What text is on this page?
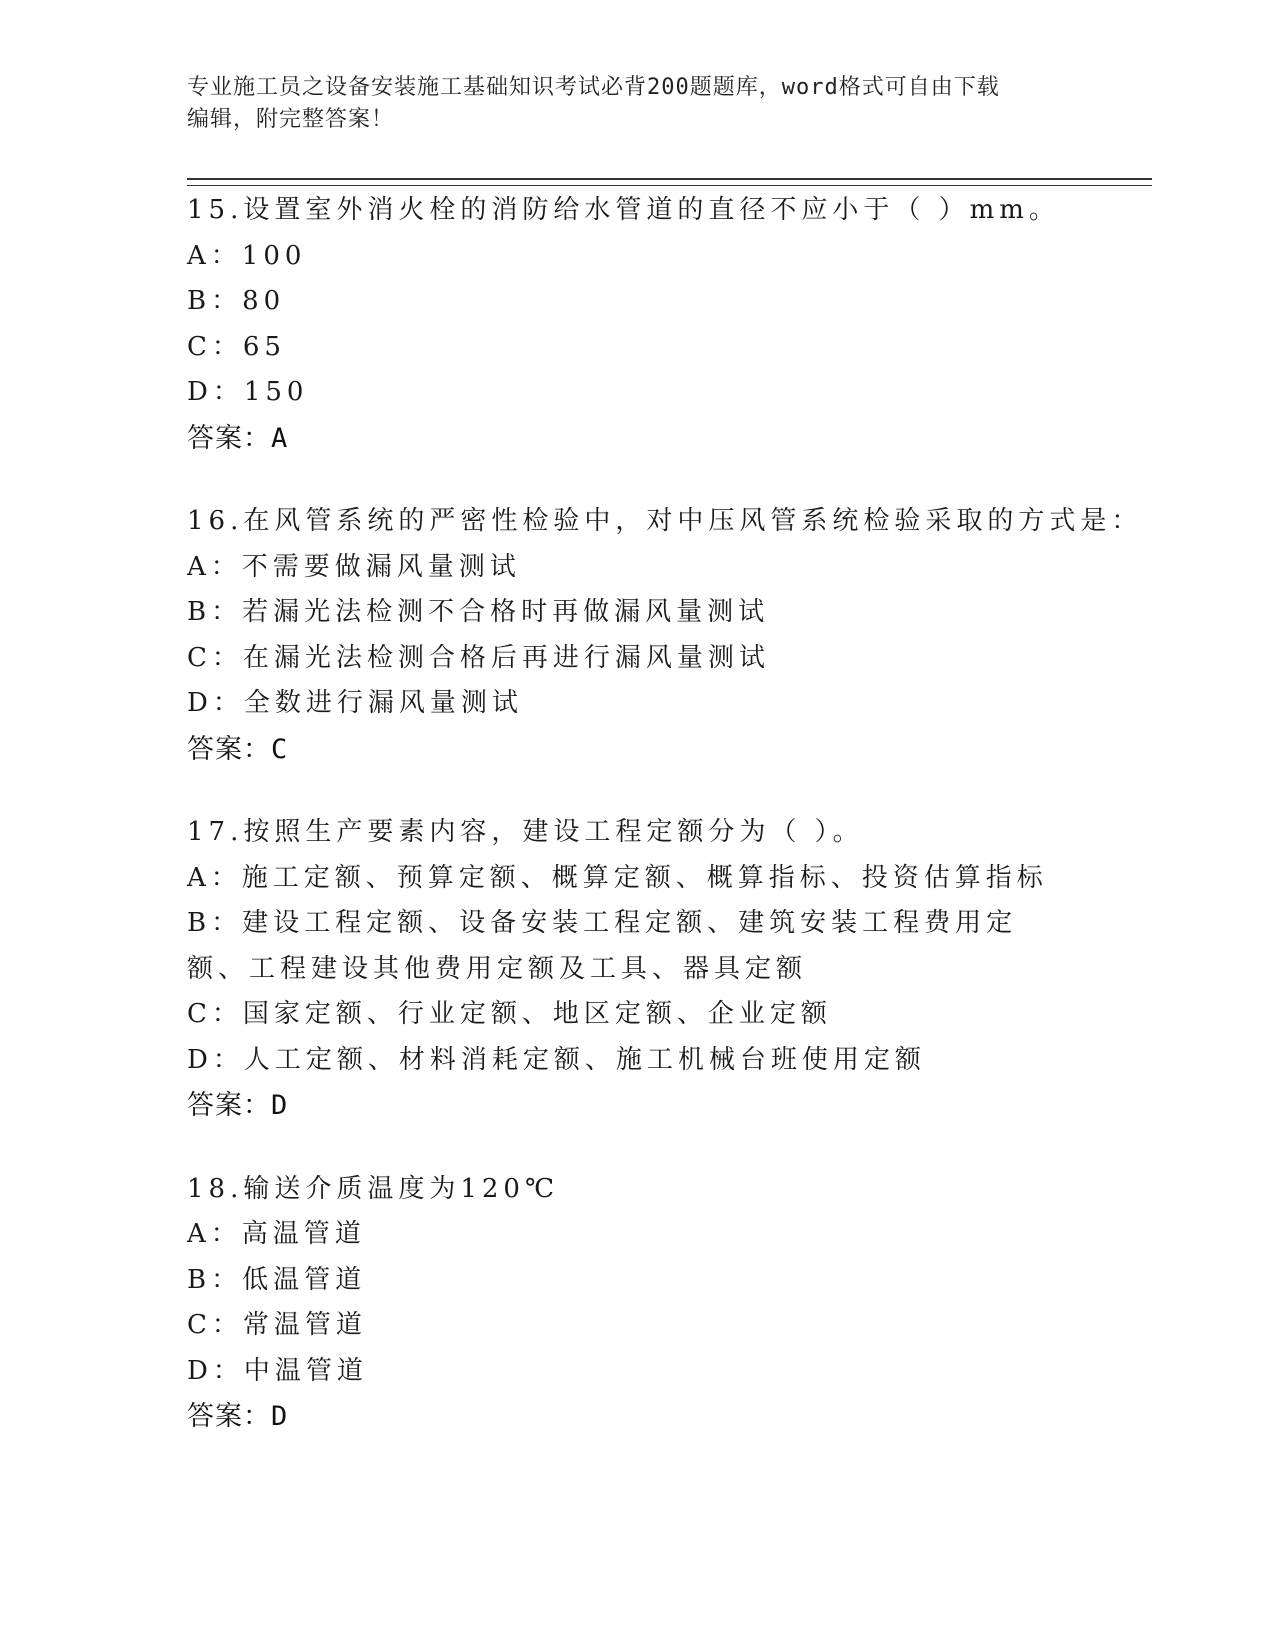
专业施工员之设备安装施工基础知识考试必背200题题库，word格式可自由下载
编辑，附完整答案！
15.设置室外消火栓的消防给水管道的直径不应小于（ ）mm。
A：100
B：80
C：65
D：150
答案：A
16.在风管系统的严密性检验中，对中压风管系统检验采取的方式是：
A：不需要做漏风量测试
B：若漏光法检测不合格时再做漏风量测试
C：在漏光法检测合格后再进行漏风量测试
D：全数进行漏风量测试
答案：C
17.按照生产要素内容，建设工程定额分为（ ）。
A：施工定额、预算定额、概算定额、概算指标、投资估算指标
B：建设工程定额、设备安装工程定额、建筑安装工程费用定额、工程建设其他费用定额及工具、器具定额
C：国家定额、行业定额、地区定额、企业定额
D：人工定额、材料消耗定额、施工机械台班使用定额
答案：D
18.输送介质温度为120℃
A：高温管道
B：低温管道
C：常温管道
D：中温管道
答案：D
